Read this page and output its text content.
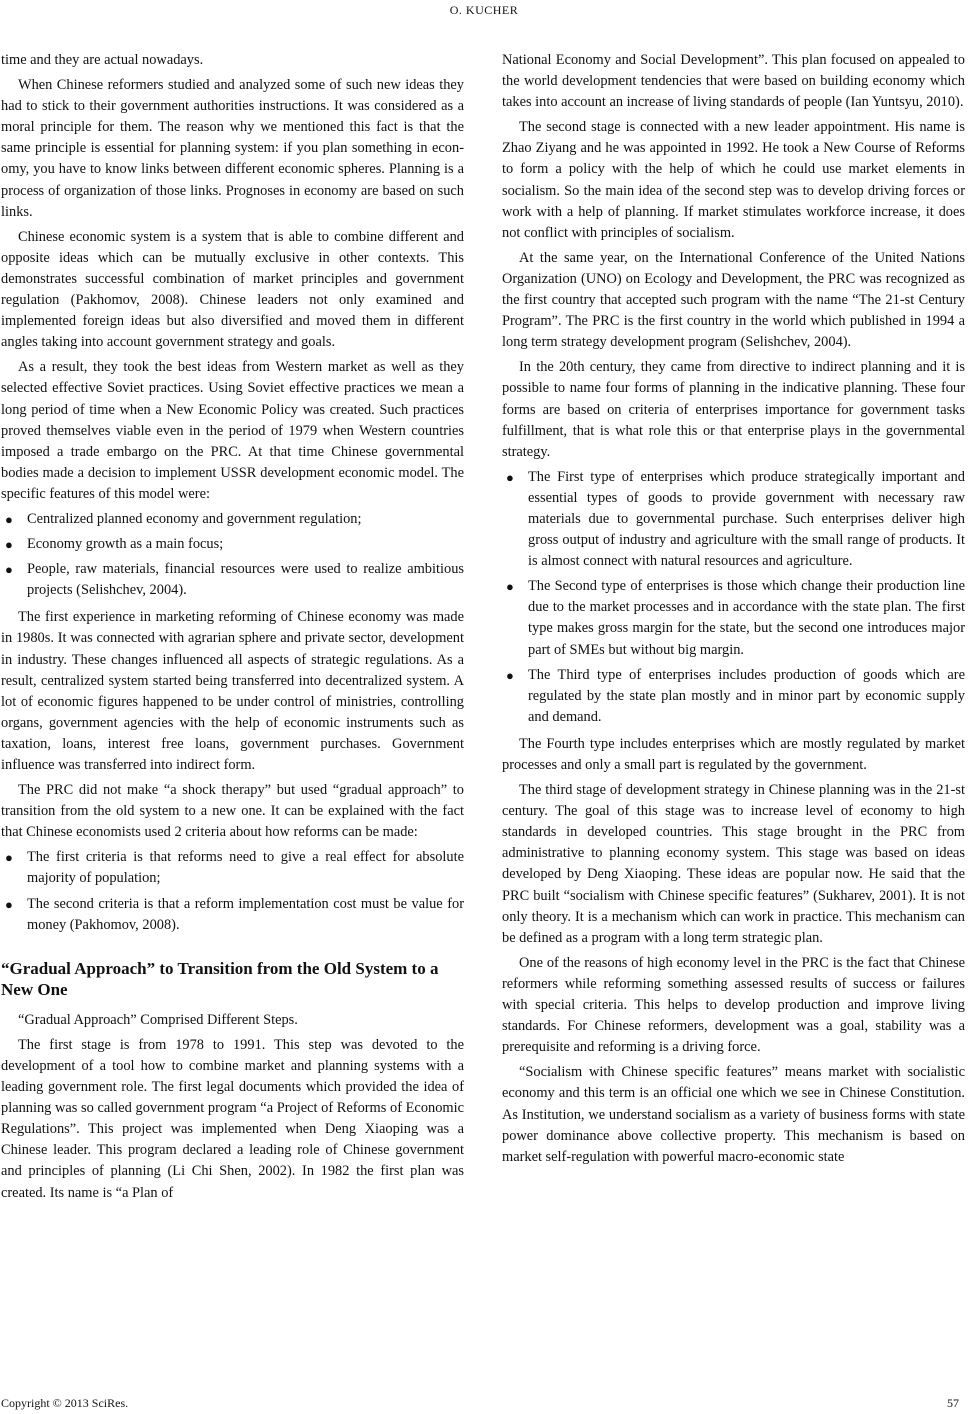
O. KUCHER

time and they are actual nowadays.

When Chinese reformers studied and analyzed some of such new ideas they had to stick to their government authorities instructions. It was considered as a moral principle for them. The reason why we mentioned this fact is that the same principle is essential for planning system: if you plan something in economy, you have to know links between different economic spheres. Planning is a process of organization of those links. Prognoses in economy are based on such links.

Chinese economic system is a system that is able to combine different and opposite ideas which can be mutually exclusive in other contexts. This demonstrates successful combination of market principles and government regulation (Pakhomov, 2008). Chinese leaders not only examined and implemented foreign ideas but also diversified and moved them in different angles taking into account government strategy and goals.

As a result, they took the best ideas from Western market as well as they selected effective Soviet practices. Using Soviet effective practices we mean a long period of time when a New Economic Policy was created. Such practices proved themselves viable even in the period of 1979 when Western countries imposed a trade embargo on the PRC. At that time Chinese governmental bodies made a decision to implement USSR development economic model. The specific features of this model were:

● Centralized planned economy and government regulation;
● Economy growth as a main focus;
● People, raw materials, financial resources were used to realize ambitious projects (Selishchev, 2004).

The first experience in marketing reforming of Chinese economy was made in 1980s. It was connected with agrarian sphere and private sector, development in industry. These changes influenced all aspects of strategic regulations. As a result, centralized system started being transferred into decentralized system. A lot of economic figures happened to be under control of ministries, controlling organs, government agencies with the help of economic instruments such as taxation, loans, interest free loans, government purchases. Government influence was transferred into indirect form.

The PRC did not make “a shock therapy” but used “gradual approach” to transition from the old system to a new one. It can be explained with the fact that Chinese economists used 2 criteria about how reforms can be made:

● The first criteria is that reforms need to give a real effect for absolute majority of population;
● The second criteria is that a reform implementation cost must be value for money (Pakhomov, 2008).
“Gradual Approach” to Transition from the Old System to a New One

“Gradual Approach” Comprised Different Steps.

The first stage is from 1978 to 1991. This step was devoted to the development of a tool how to combine market and planning systems with a leading government role. The first legal documents which provided the idea of planning was so called government program “a Project of Reforms of Economic Regulations”. This project was implemented when Deng Xiaoping was a Chinese leader. This program declared a leading role of Chinese government and principles of planning (Li Chi Shen, 2002). In 1982 the first plan was created. Its name is “a Plan of

National Economy and Social Development”. This plan focused on appealed to the world development tendencies that were based on building economy which takes into account an increase of living standards of people (Ian Yuntsyu, 2010).

The second stage is connected with a new leader appointment. His name is Zhao Ziyang and he was appointed in 1992. He took a New Course of Reforms to form a policy with the help of which he could use market elements in socialism. So the main idea of the second step was to develop driving forces or work with a help of planning. If market stimulates workforce increase, it does not conflict with principles of socialism.

At the same year, on the International Conference of the United Nations Organization (UNO) on Ecology and Development, the PRC was recognized as the first country that accepted such program with the name “The 21-st Century Program”. The PRC is the first country in the world which published in 1994 a long term strategy development program (Selishchev, 2004).

In the 20th century, they came from directive to indirect planning and it is possible to name four forms of planning in the indicative planning. These four forms are based on criteria of enterprises importance for government tasks fulfillment, that is what role this or that enterprise plays in the governmental strategy.

● The First type of enterprises which produce strategically important and essential types of goods to provide government with necessary raw materials due to governmental purchase. Such enterprises deliver high gross output of industry and agriculture with the small range of products. It is almost connect with natural resources and agriculture.
● The Second type of enterprises is those which change their production line due to the market processes and in accordance with the state plan. The first type makes gross margin for the state, but the second one introduces major part of SMEs but without big margin.
● The Third type of enterprises includes production of goods which are regulated by the state plan mostly and in minor part by economic supply and demand.

The Fourth type includes enterprises which are mostly regulated by market processes and only a small part is regulated by the government.

The third stage of development strategy in Chinese planning was in the 21-st century. The goal of this stage was to increase level of economy to high standards in developed countries. This stage brought in the PRC from administrative to planning economy system. This stage was based on ideas developed by Deng Xiaoping. These ideas are popular now. He said that the PRC built “socialism with Chinese specific features” (Sukharev, 2001). It is not only theory. It is a mechanism which can work in practice. This mechanism can be defined as a program with a long term strategic plan.

One of the reasons of high economy level in the PRC is the fact that Chinese reformers while reforming something assessed results of success or failures with special criteria. This helps to develop production and improve living standards. For Chinese reformers, development was a goal, stability was a prerequisite and reforming is a driving force.

“Socialism with Chinese specific features” means market with socialistic economy and this term is an official one which we see in Chinese Constitution. As Institution, we understand socialism as a variety of business forms with state power dominance above collective property. This mechanism is based on market self-regulation with powerful macro-economic state

Copyright © 2013 SciRes.	57
